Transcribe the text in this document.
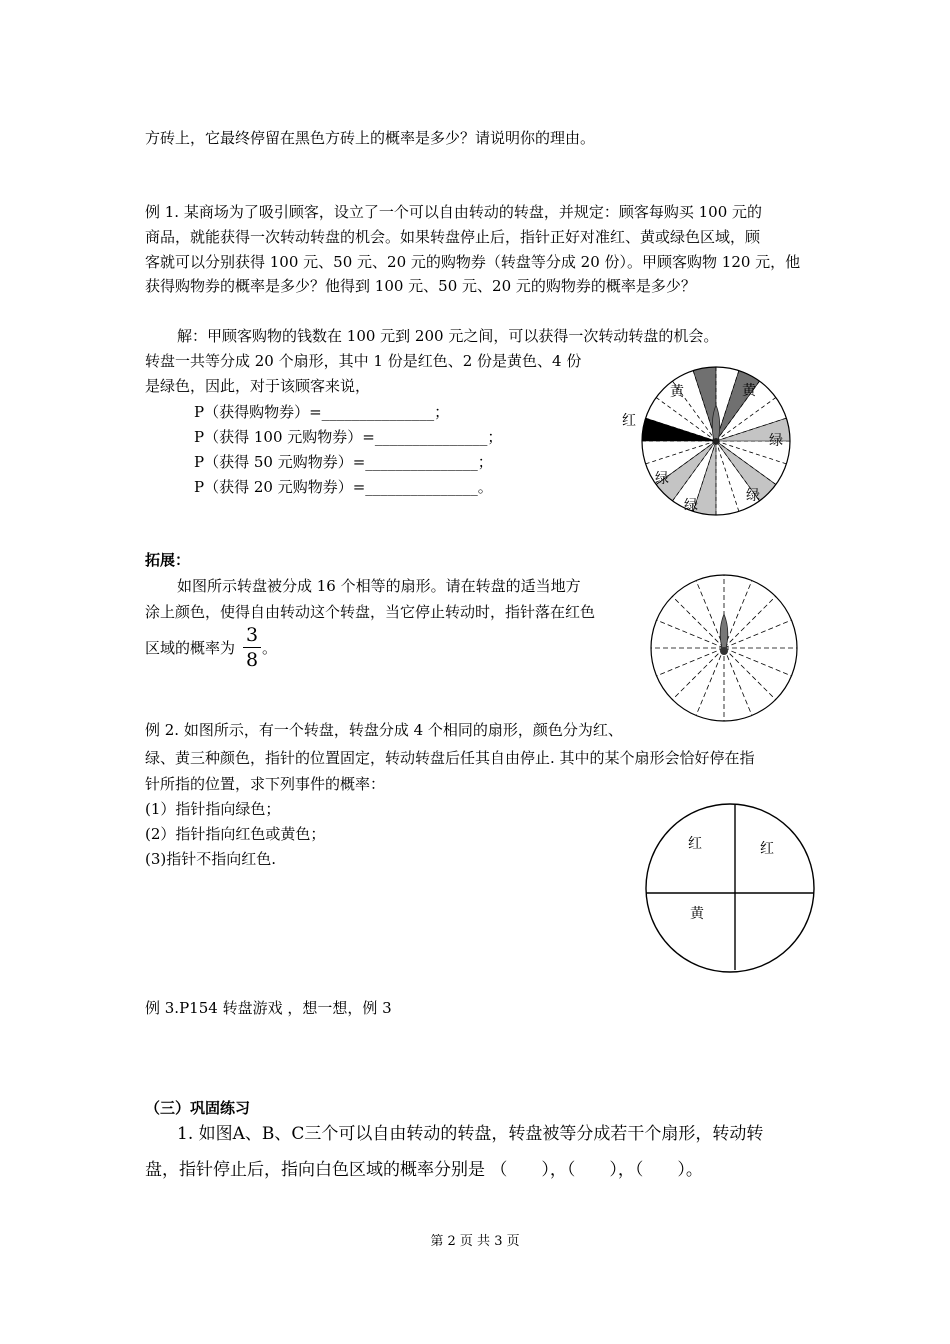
方砖上，它最终停留在黑色方砖上的概率是多少？请说明你的理由。
例 1. 某商场为了吸引顾客，设立了一个可以自由转动的转盘，并规定：顾客每购买 100 元的
商品，就能获得一次转动转盘的机会。如果转盘停止后，指针正好对准红、黄或绿色区域，顾
客就可以分别获得 100 元、50 元、20 元的购物券（转盘等分成 20 份）。甲顾客购物 120 元，他
获得购物券的概率是多少？他得到 100 元、50 元、20 元的购物券的概率是多少？
解：甲顾客购物的钱数在 100 元到 200 元之间，可以获得一次转动转盘的机会。
转盘一共等分成 20 个扇形，其中 1 份是红色、2 份是黄色、4 份
是绿色，因此，对于该顾客来说，
P（获得购物券）=_______________；
P（获得 100 元购物券）=_______________；
P（获得 50 元购物券）=_______________；
P（获得 20 元购物券）=_______________。
黄	黄
红
绿
绿
绿
绿
拓展：
如图所示转盘被分成 16 个相等的扇形。请在转盘的适当地方
涂上颜色，使得自由转动这个转盘，当它停止转动时，指针落在红色
区域的概率为
3
8
。
例 2. 如图所示，有一个转盘，转盘分成 4 个相同的扇形，颜色分为红、
绿、黄三种颜色，指针的位置固定，转动转盘后任其自由停止. 其中的某个扇形会恰好停在指
针所指的位置，求下列事件的概率：
(1）指针指向绿色；
(2）指针指向红色或黄色；
(3)指针不指向红色.
红	红
黄
例 3.P154 转盘游戏 ，想一想，例 3
（三）巩固练习
1. 如图A、B、C三个可以自由转动的转盘，转盘被等分成若干个扇形，转动转
盘，指针停止后，指向白色区域的概率分别是 （　　），（　　），（　　）。
第 2 页 共 3 页
